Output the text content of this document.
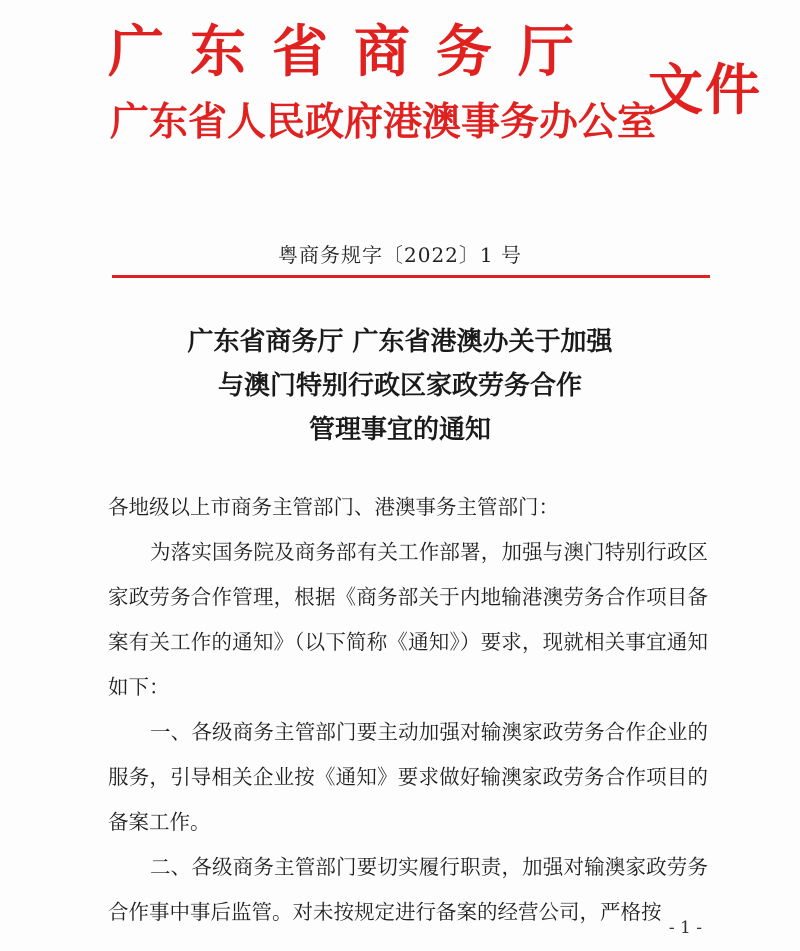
广东省商务厅
广东省人民政府港澳事务办公室
文件
粤商务规字〔2022〕1 号
广东省商务厅 广东省港澳办关于加强
与澳门特别行政区家政劳务合作
管理事宜的通知

各地级以上市商务主管部门、港澳事务主管部门：

为落实国务院及商务部有关工作部署，加强与澳门特别行政区家政劳务合作管理，根据《商务部关于内地输港澳劳务合作项目备案有关工作的通知》（以下简称《通知》）要求，现就相关事宜通知如下：

一、各级商务主管部门要主动加强对输澳家政劳务合作企业的服务，引导相关企业按《通知》要求做好输澳家政劳务合作项目的备案工作。

二、各级商务主管部门要切实履行职责，加强对输澳家政劳务合作事中事后监管。对未按规定进行备案的经营公司，严格按

- 1 -
